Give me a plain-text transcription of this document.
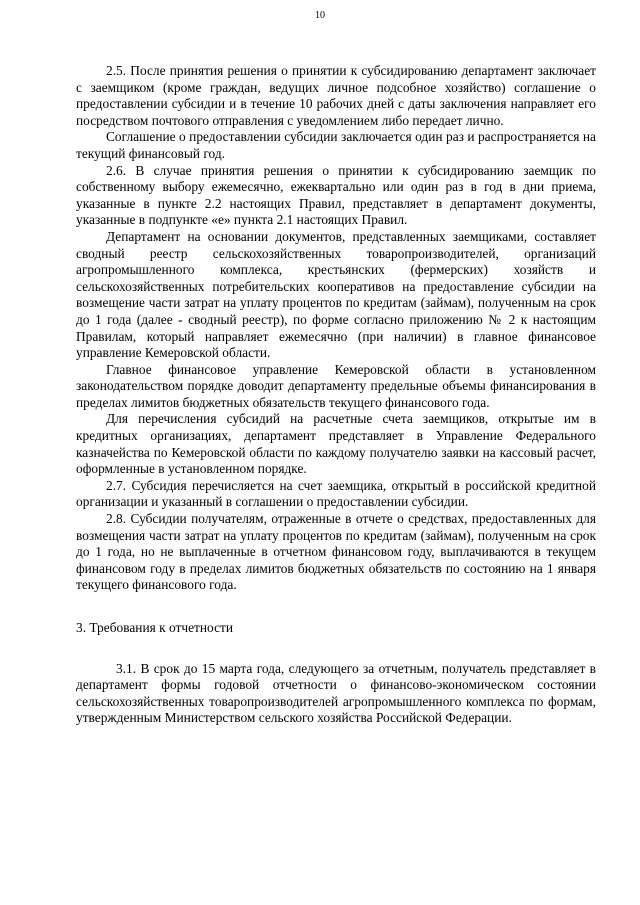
10

2.5. После принятия решения о принятии к субсидированию департамент заключает с заемщиком (кроме граждан, ведущих личное подсобное хозяйство) соглашение о предоставлении субсидии и в течение 10 рабочих дней с даты заключения направляет его посредством почтового отправления с уведомлением либо передает лично.

Соглашение о предоставлении субсидии заключается один раз и распространяется на текущий финансовый год.

2.6. В случае принятия решения о принятии к субсидированию заемщик по собственному выбору ежемесячно, ежеквартально или один раз в год в дни приема, указанные в пункте 2.2 настоящих Правил, представляет в департамент документы, указанные в подпункте «е» пункта 2.1 настоящих Правил.

Департамент на основании документов, представленных заемщиками, составляет сводный реестр сельскохозяйственных товаропроизводителей, организаций агропромышленного комплекса, крестьянских (фермерских) хозяйств и сельскохозяйственных потребительских кооперативов на предоставление субсидии на возмещение части затрат на уплату процентов по кредитам (займам), полученным на срок до 1 года (далее - сводный реестр), по форме согласно приложению № 2 к настоящим Правилам, который направляет ежемесячно (при наличии) в главное финансовое управление Кемеровской области.

Главное финансовое управление Кемеровской области в установленном законодательством порядке доводит департаменту предельные объемы финансирования в пределах лимитов бюджетных обязательств текущего финансового года.

Для перечисления субсидий на расчетные счета заемщиков, открытые им в кредитных организациях, департамент представляет в Управление Федерального казначейства по Кемеровской области по каждому получателю заявки на кассовый расчет, оформленные в установленном порядке.

2.7. Субсидия перечисляется на счет заемщика, открытый в российской кредитной организации и указанный в соглашении о предоставлении субсидии.

2.8. Субсидии получателям, отраженные в отчете о средствах, предоставленных для возмещения части затрат на уплату процентов по кредитам (займам), полученным на срок до 1 года, но не выплаченные в отчетном финансовом году, выплачиваются в текущем финансовом году в пределах лимитов бюджетных обязательств по состоянию на 1 января текущего финансового года.

3. Требования к отчетности

3.1. В срок до 15 марта года, следующего за отчетным, получатель представляет в департамент формы годовой отчетности о финансово-экономическом состоянии сельскохозяйственных товаропроизводителей агропромышленного комплекса по формам, утвержденным Министерством сельского хозяйства Российской Федерации.
